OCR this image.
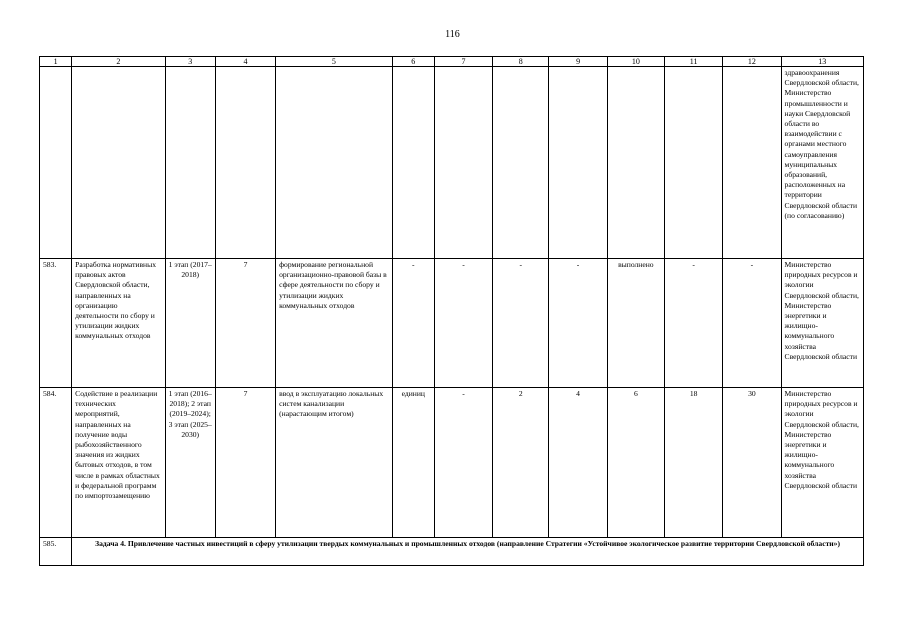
116
1	2	3	4	5	6	7	8	9	10	11	12	13
												здравоохранения Свердловской области, Министерство промышленности и науки Свердловской области во взаимодействии с органами местного самоуправления муниципальных образований, расположенных на территории Свердловской области (по согласованию)
583.	Разработка нормативных правовых актов Свердловской области, направленных на организацию деятельности по сбору и утилизации жидких коммунальных отходов	1 этап (2017–2018)	7	формирование региональной организационно-правовой базы в сфере деятельности по сбору и утилизации жидких коммунальных отходов	-	-	-	-	выполнено	-	-	Министерство природных ресурсов и экологии Свердловской области, Министерство энергетики и жилищно-коммунального хозяйства Свердловской области
584.	Содействие в реализации технических мероприятий, направленных на получение воды рыбохозяйственного значения из жидких бытовых отходов, в том числе в рамках областных и федеральной программ по импортозамещению	1 этап (2016–2018); 2 этап (2019–2024); 3 этап (2025–2030)	7	ввод в эксплуатацию локальных систем канализации (нарастающим итогом)	единиц	-	2	4	6	18	30	Министерство природных ресурсов и экологии Свердловской области, Министерство энергетики и жилищно-коммунального хозяйства Свердловской области
585.	Задача 4. Привлечение частных инвестиций в сферу утилизации твердых коммунальных и промышленных отходов (направление Стратегии «Устойчивое экологическое развитие территории Свердловской области»)											
